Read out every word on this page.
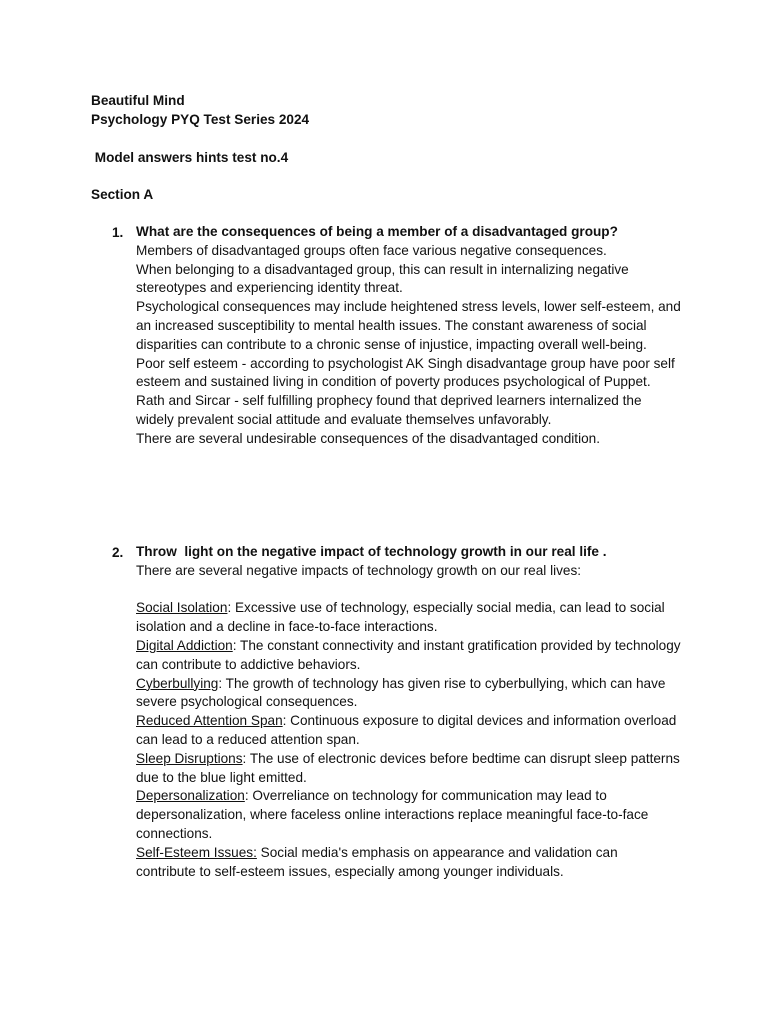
Beautiful Mind
Psychology PYQ Test Series 2024
Model answers hints test no.4
Section A
1. What are the consequences of being a member of a disadvantaged group?

Members of disadvantaged groups often face various negative consequences.

When belonging to a disadvantaged group, this can result in internalizing negative stereotypes and experiencing identity threat.

Psychological consequences may include heightened stress levels, lower self-esteem, and an increased susceptibility to mental health issues. The constant awareness of social disparities can contribute to a chronic sense of injustice, impacting overall well-being.

Poor self esteem - according to psychologist AK Singh disadvantage group have poor self esteem and sustained living in condition of poverty produces psychological of Puppet.

Rath and Sircar - self fulfilling prophecy found that deprived learners internalized the widely prevalent social attitude and evaluate themselves unfavorably.

There are several undesirable consequences of the disadvantaged condition.

2. Throw  light on the negative impact of technology growth in our real life .

There are several negative impacts of technology growth on our real lives:

Social Isolation: Excessive use of technology, especially social media, can lead to social isolation and a decline in face-to-face interactions.

Digital Addiction: The constant connectivity and instant gratification provided by technology can contribute to addictive behaviors.

Cyberbullying: The growth of technology has given rise to cyberbullying, which can have severe psychological consequences.

Reduced Attention Span: Continuous exposure to digital devices and information overload can lead to a reduced attention span.

Sleep Disruptions: The use of electronic devices before bedtime can disrupt sleep patterns due to the blue light emitted.

Depersonalization: Overreliance on technology for communication may lead to depersonalization, where faceless online interactions replace meaningful face-to-face connections.

Self-Esteem Issues: Social media's emphasis on appearance and validation can contribute to self-esteem issues, especially among younger individuals.
